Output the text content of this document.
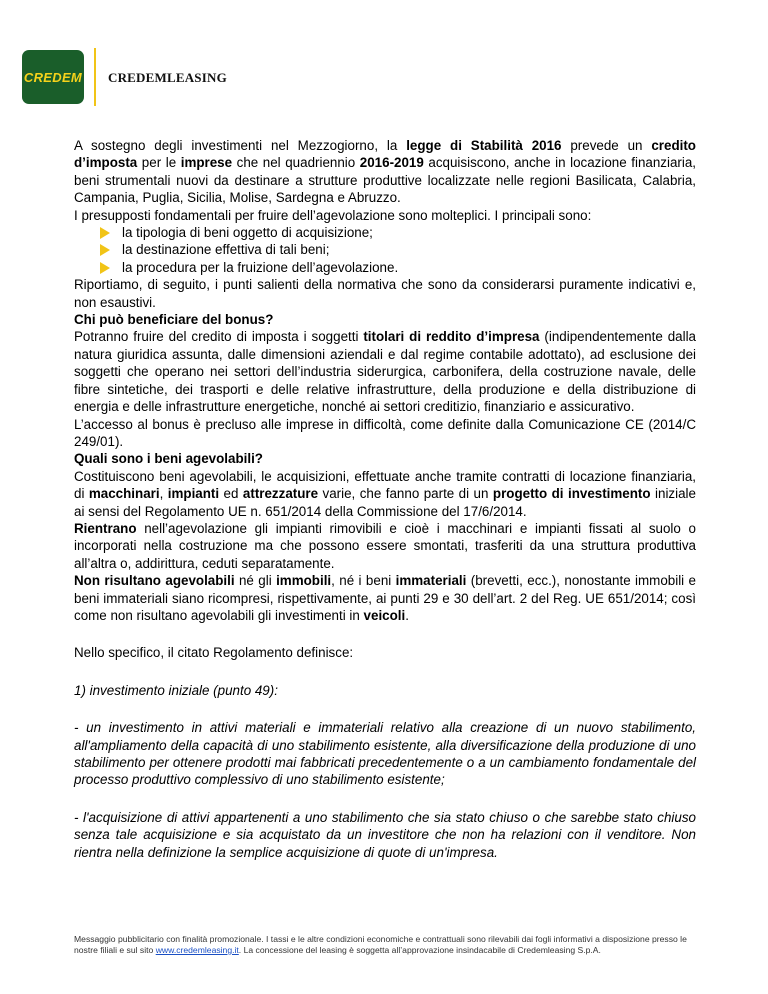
CREDEM CREDEMLEASING

A sostegno degli investimenti nel Mezzogiorno, la legge di Stabilità 2016 prevede un credito d’imposta per le imprese che nel quadriennio 2016-2019 acquisiscono, anche in locazione finanziaria, beni strumentali nuovi da destinare a strutture produttive localizzate nelle regioni Basilicata, Calabria, Campania, Puglia, Sicilia, Molise, Sardegna e Abruzzo.

I presupposti fondamentali per fruire dell’agevolazione sono molteplici. I principali sono:

la tipologia di beni oggetto di acquisizione;
la destinazione effettiva di tali beni;
la procedura per la fruizione dell’agevolazione.

Riportiamo, di seguito, i punti salienti della normativa che sono da considerarsi puramente indicativi e, non esaustivi.

Chi può beneficiare del bonus?

Potranno fruire del credito di imposta i soggetti titolari di reddito d’impresa (indipendentemente dalla natura giuridica assunta, dalle dimensioni aziendali e dal regime contabile adottato), ad esclusione dei soggetti che operano nei settori dell’industria siderurgica, carbonifera, della costruzione navale, delle fibre sintetiche, dei trasporti e delle relative infrastrutture, della produzione e della distribuzione di energia e delle infrastrutture energetiche, nonché ai settori creditizio, finanziario e assicurativo.

L’accesso al bonus è precluso alle imprese in difficoltà, come definite dalla Comunicazione CE (2014/C 249/01).

Quali sono i beni agevolabili?

Costituiscono beni agevolabili, le acquisizioni, effettuate anche tramite contratti di locazione finanziaria, di macchinari, impianti ed attrezzature varie, che fanno parte di un progetto di investimento iniziale ai sensi del Regolamento UE n. 651/2014 della Commissione del 17/6/2014.

Rientrano nell’agevolazione gli impianti rimovibili e cioè i macchinari e impianti fissati al suolo o incorporati nella costruzione ma che possono essere smontati, trasferiti da una struttura produttiva all’altra o, addirittura, ceduti separatamente.

Non risultano agevolabili né gli immobili, né i beni immateriali (brevetti, ecc.), nonostante immobili e beni immateriali siano ricompresi, rispettivamente, ai punti 29 e 30 dell’art. 2 del Reg. UE 651/2014; così come non risultano agevolabili gli investimenti in veicoli.

Nello specifico, il citato Regolamento definisce:

1) investimento iniziale (punto 49):

- un investimento in attivi materiali e immateriali relativo alla creazione di un nuovo stabilimento, all'ampliamento della capacità di uno stabilimento esistente, alla diversificazione della produzione di uno stabilimento per ottenere prodotti mai fabbricati precedentemente o a un cambiamento fondamentale del processo produttivo complessivo di uno stabilimento esistente;

- l'acquisizione di attivi appartenenti a uno stabilimento che sia stato chiuso o che sarebbe stato chiuso senza tale acquisizione e sia acquistato da un investitore che non ha relazioni con il venditore. Non rientra nella definizione la semplice acquisizione di quote di un'impresa.

Messaggio pubblicitario con finalità promozionale. I tassi e le altre condizioni economiche e contrattuali sono rilevabili dai fogli informativi a disposizione presso le nostre filiali e sul sito www.credemleasing.it. La concessione del leasing è soggetta all’approvazione insindacabile di Credemleasing S.p.A.
